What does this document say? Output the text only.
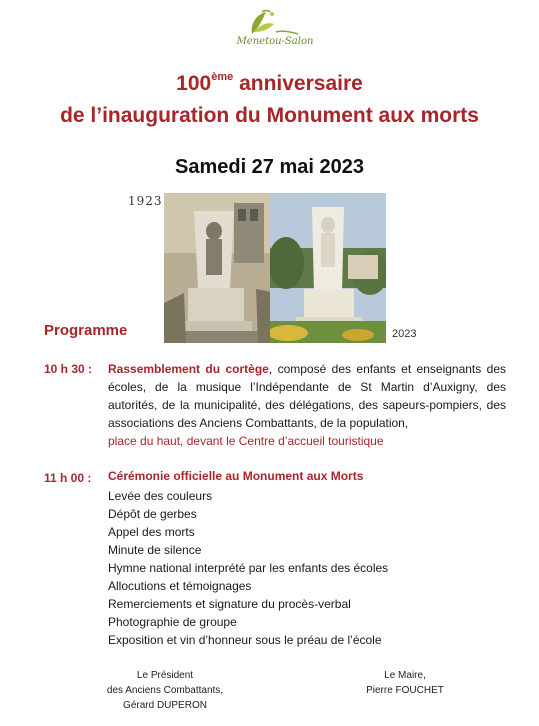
Menetou-Salon
100ème anniversaire
de l’inauguration du Monument aux morts
Samedi 27 mai 2023
1923
2023
Programme
10 h 30 : Rassemblement du cortège, composé des enfants et enseignants des écoles, de la musique l’Indépendante de St Martin d’Auxigny, des autorités, de la municipalité, des délégations, des sapeurs-pompiers, des associations des Anciens Combattants, de la population,
place du haut, devant le Centre d’accueil touristique
11 h 00 : Cérémonie officielle au Monument aux Morts
Levée des couleurs
Dépôt de gerbes
Appel des morts
Minute de silence
Hymne national interprété par les enfants des écoles
Allocutions et témoignages
Remerciements et signature du procès-verbal
Photographie de groupe
Exposition et vin d’honneur sous le préau de l’école
Le Président
des Anciens Combattants,
Gérard DUPERON
Le Maire,
Pierre FOUCHET
